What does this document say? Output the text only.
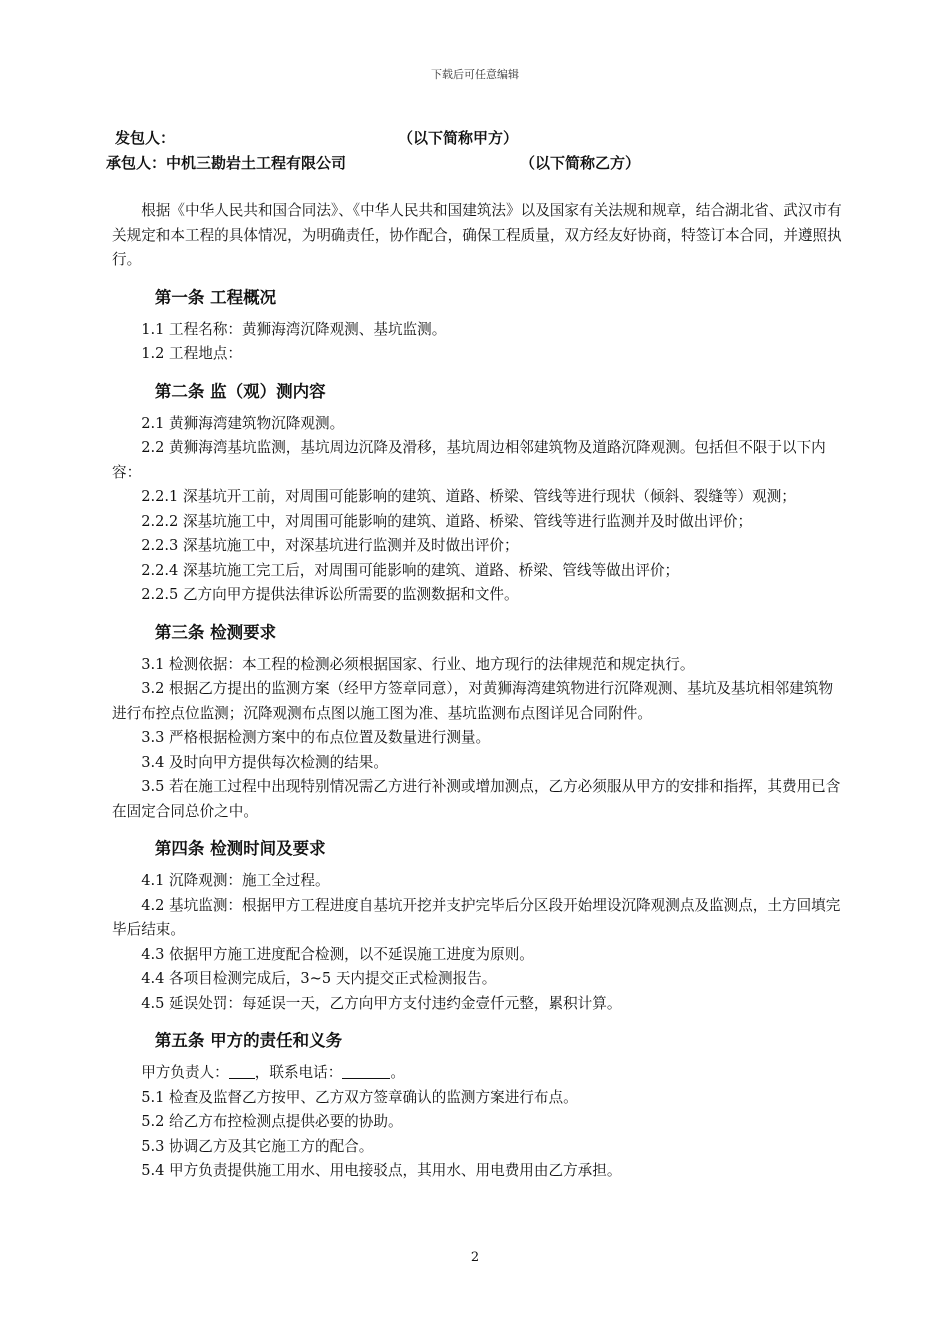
下载后可任意编辑
发包人：	（以下简称甲方）
承包人：中机三勘岩土工程有限公司	（以下简称乙方）

根据《中华人民共和国合同法》、《中华人民共和国建筑法》以及国家有关法规和规章，结合湖北省、武汉市有关规定和本工程的具体情况，为明确责任，协作配合，确保工程质量，双方经友好协商，特签订本合同，并遵照执行。

第一条 工程概况

1.1 工程名称：黄狮海湾沉降观测、基坑监测。

1.2 工程地点：

第二条 监（观）测内容

2.1 黄狮海湾建筑物沉降观测。

2.2 黄狮海湾基坑监测，基坑周边沉降及滑移，基坑周边相邻建筑物及道路沉降观测。包括但不限于以下内容：

2.2.1 深基坑开工前，对周围可能影响的建筑、道路、桥梁、管线等进行现状（倾斜、裂缝等）观测；

2.2.2 深基坑施工中，对周围可能影响的建筑、道路、桥梁、管线等进行监测并及时做出评价；

2.2.3 深基坑施工中，对深基坑进行监测并及时做出评价；

2.2.4 深基坑施工完工后，对周围可能影响的建筑、道路、桥梁、管线等做出评价；

2.2.5 乙方向甲方提供法律诉讼所需要的监测数据和文件。

第三条 检测要求

3.1 检测依据：本工程的检测必须根据国家、行业、地方现行的法律规范和规定执行。

3.2 根据乙方提出的监测方案（经甲方签章同意），对黄狮海湾建筑物进行沉降观测、基坑及基坑相邻建筑物进行布控点位监测；沉降观测布点图以施工图为准、基坑监测布点图详见合同附件。

3.3 严格根据检测方案中的布点位置及数量进行测量。

3.4 及时向甲方提供每次检测的结果。

3.5 若在施工过程中出现特别情况需乙方进行补测或增加测点，乙方必须服从甲方的安排和指挥，其费用已含在固定合同总价之中。

第四条 检测时间及要求

4.1 沉降观测：施工全过程。

4.2 基坑监测：根据甲方工程进度自基坑开挖并支护完毕后分区段开始埋设沉降观测点及监测点，土方回填完毕后结束。

4.3 依据甲方施工进度配合检测，以不延误施工进度为原则。

4.4 各项目检测完成后，3~5 天内提交正式检测报告。

4.5 延误处罚：每延误一天，乙方向甲方支付违约金壹仟元整，累积计算。

第五条 甲方的责任和义务

甲方负责人： ，联系电话：	。

5.1 检查及监督乙方按甲、乙方双方签章确认的监测方案进行布点。

5.2 给乙方布控检测点提供必要的协助。

5.3 协调乙方及其它施工方的配合。

5.4 甲方负责提供施工用水、用电接驳点，其用水、用电费用由乙方承担。

2
